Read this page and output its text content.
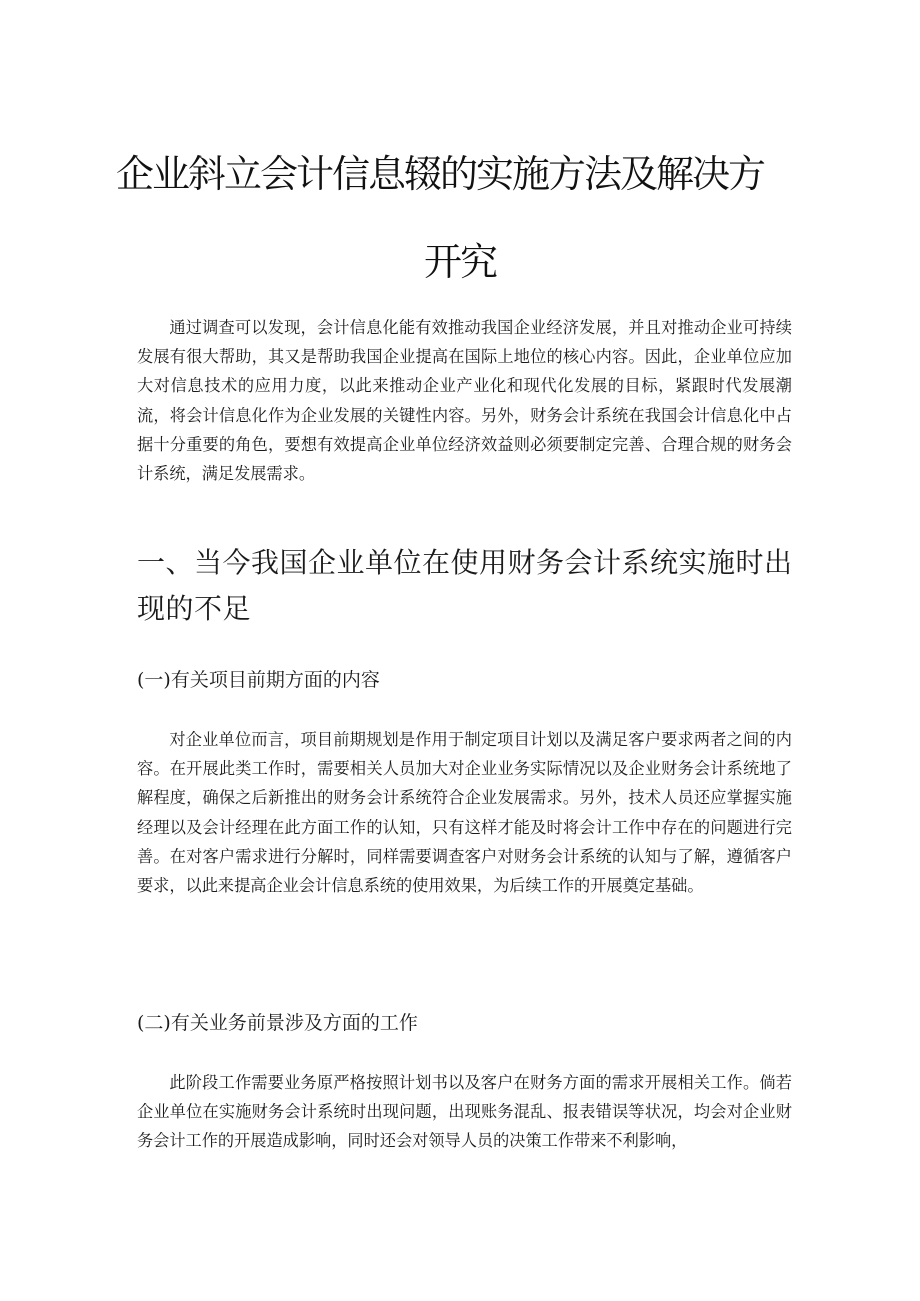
企业斜立会计信息辍的实施方法及解决方
开究

通过调查可以发现，会计信息化能有效推动我国企业经济发展，并且对推动企业可持续发展有很大帮助，其又是帮助我国企业提高在国际上地位的核心内容。因此，企业单位应加大对信息技术的应用力度，以此来推动企业产业化和现代化发展的目标，紧跟时代发展潮流，将会计信息化作为企业发展的关键性内容。另外，财务会计系统在我国会计信息化中占据十分重要的角色，要想有效提高企业单位经济效益则必须要制定完善、合理合规的财务会计系统，满足发展需求。

一、当今我国企业单位在使用财务会计系统实施时出现的不足
(一)有关项目前期方面的内容

对企业单位而言，项目前期规划是作用于制定项目计划以及满足客户要求两者之间的内容。在开展此类工作时，需要相关人员加大对企业业务实际情况以及企业财务会计系统地了解程度，确保之后新推出的财务会计系统符合企业发展需求。另外，技术人员还应掌握实施经理以及会计经理在此方面工作的认知，只有这样才能及时将会计工作中存在的问题进行完善。在对客户需求进行分解时，同样需要调查客户对财务会计系统的认知与了解，遵循客户要求，以此来提高企业会计信息系统的使用效果，为后续工作的开展奠定基础。

(二)有关业务前景涉及方面的工作

此阶段工作需要业务原严格按照计划书以及客户在财务方面的需求开展相关工作。倘若企业单位在实施财务会计系统时出现问题，出现账务混乱、报表错误等状况，均会对企业财务会计工作的开展造成影响，同时还会对领导人员的决策工作带来不利影响，
